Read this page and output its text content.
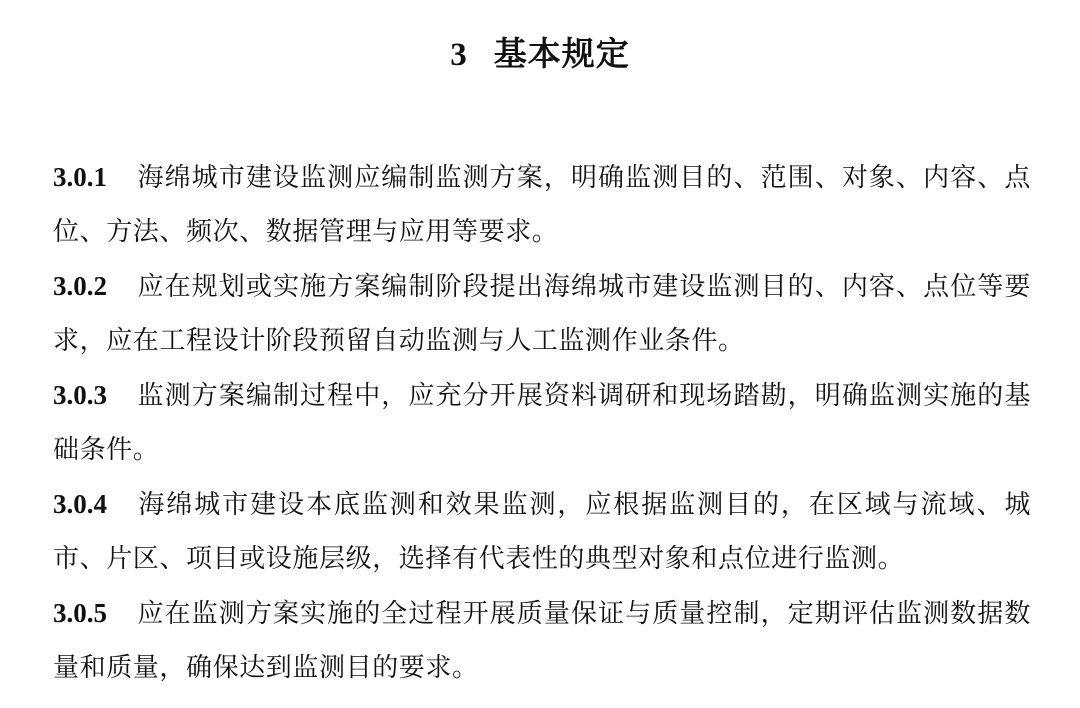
3 基本规定

3.0.1 海绵城市建设监测应编制监测方案，明确监测目的、范围、对象、内容、点位、方法、频次、数据管理与应用等要求。

3.0.2 应在规划或实施方案编制阶段提出海绵城市建设监测目的、内容、点位等要求，应在工程设计阶段预留自动监测与人工监测作业条件。

3.0.3 监测方案编制过程中，应充分开展资料调研和现场踏勘，明确监测实施的基础条件。

3.0.4 海绵城市建设本底监测和效果监测，应根据监测目的，在区域与流域、城市、片区、项目或设施层级，选择有代表性的典型对象和点位进行监测。

3.0.5 应在监测方案实施的全过程开展质量保证与质量控制，定期评估监测数据数量和质量，确保达到监测目的要求。
